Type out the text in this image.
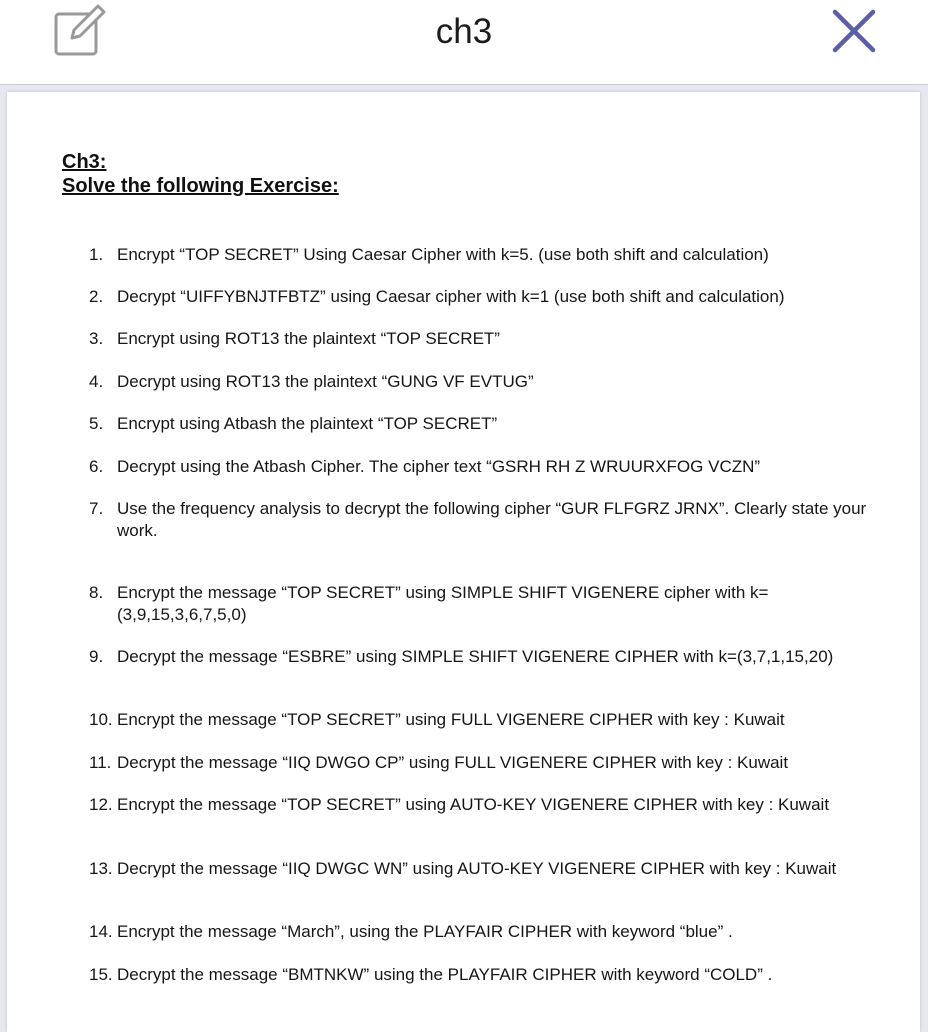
ch3
Ch3:
Solve the following Exercise:
1. Encrypt “TOP SECRET” Using Caesar Cipher with k=5. (use both shift and calculation)
2. Decrypt “UIFFYBNJTFBTZ” using Caesar cipher with k=1 (use both shift and calculation)
3. Encrypt using ROT13 the plaintext “TOP SECRET”
4. Decrypt using ROT13 the plaintext “GUNG VF EVTUG”
5. Encrypt using Atbash the plaintext “TOP SECRET”
6. Decrypt using the Atbash Cipher. The cipher text “GSRH RH Z WRUURXFOG VCZN”
7. Use the frequency analysis to decrypt the following cipher “GUR FLFGRZ JRNX”. Clearly state your work.
8. Encrypt the message “TOP SECRET” using SIMPLE SHIFT VIGENERE cipher with k=(3,9,15,3,6,7,5,0)
9. Decrypt the message “ESBRE” using SIMPLE SHIFT VIGENERE CIPHER with k=(3,7,1,15,20)
10. Encrypt the message “TOP SECRET” using FULL VIGENERE CIPHER with key : Kuwait
11. Decrypt the message “IIQ DWGO CP” using FULL VIGENERE CIPHER with key : Kuwait
12. Encrypt the message “TOP SECRET” using AUTO-KEY VIGENERE CIPHER with key : Kuwait
13. Decrypt the message “IIQ DWGC WN” using AUTO-KEY VIGENERE CIPHER with key : Kuwait
14. Encrypt the message “March”, using the PLAYFAIR CIPHER with keyword “blue” .
15. Decrypt the message “BMTNKW” using the PLAYFAIR CIPHER with keyword “COLD” .
